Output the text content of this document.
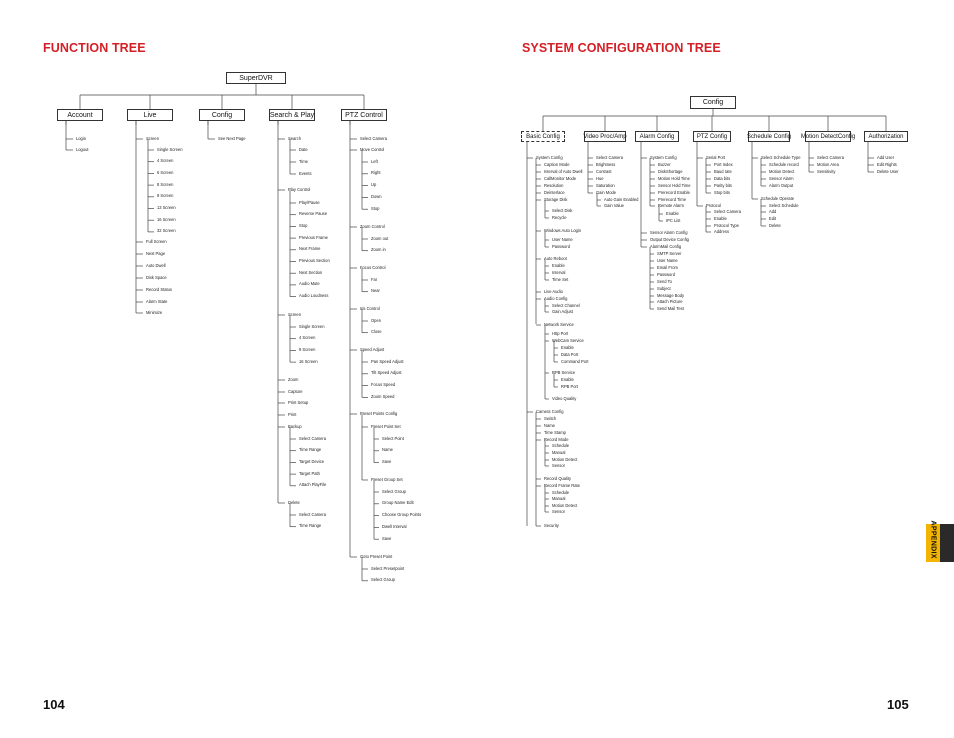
FUNCTION TREE	SYSTEM CONFIGURATION TREE
104	105
APPENDIX
SuperDVR
Account	Live	Config	Search & Play	PTZ Control
Login
Logout
Screen
Single Screen
4 Screen
6 Screen
8 Screen
9 Screen
13 Screen
16 Screen
32 Screen
Full Screen
Next Page
Auto Dwell
Disk Space
Record Status
Alarm State
Minimize
See Next Page	Search
Date
Time
Events
Play Control
Play/Pause
Reverse Pause
Stop
Previous Frame
Next Frame
Previous Section
Next Section
Audio Mute
Audio Loudness
Screen
Single Screen
4 Screen
9 Screen
16 Screen
Zoom
Capture
Print Setup
Print
Backup
Select Camera
Time Range
Target Device
Target Path
Attach PlayFile
Delete
Select Camera
Time Range
Select Camera
Move Control
Left
Right
Up
Down
Stop
Zoom Control
Zoom out
Zoom in
Focus Control
Far
Near
Iris Control
Open
Close
Speed Adjust
Pan Speed Adjust
Tilt Speed Adjust
Focus Speed
Zoom Speed
Preset Points Config
Preset Point Set
Select Point
Name
Save
Preset Group Set
Select Group
Group Name Edit
Choose Group Points
Dwell Interval
Save
Goto Preset Point
Select Presetpoint
Select Group
Config
Basic Config	Video Proc/Amp	Alarm Config	PTZ Config	Schedule Config Motion DetectConfig	Authorization
System Config
Caption Mode
Interval of Auto Dwell
CallMonitor Mode
Resolution
Deinterlace
Storage Disk
Select Disk
Recycle
Windows Auto Login
User Name
Password
Auto Reboot
Enable
Interval
Time Set
Live Audio
Audio Config
Select Channel
Gain Adjust
Network Service
Http Port
WebCam Service
Enable
Data Port
Command Port
RPB Service
Enable
RPB Port
Video Quality
Camera Config
Switch
Name
Time Stamp
Record Mode
Schedule
Manual
Motion Detect
Sensor
Record Quality
Record Frame Rate
Schedule
Manual
Motion Detect
Sensor
Security
Select Camera
Brightness
Contrast
Hue
Saturation
Gain Mode
Auto Gain Enabled
Gain Value
System Config
Buzzer
DiskShortage
Motion Hold Time
Sensor Hold Time
Prerecord Enable
Prerecord Time
Remote Alarm
Enable
IPC List
Sensor Alarm Config
Output Device Config
AlarmMail Config
SMTP Server
User Name
Email From
Password
Send To
Subject
Message Body
Attach Picture
Send Mail Test
Serial Port
Port Index
Baud rate
Data bits
Parity bits
Stop bits
Protocol
Select Camera
Enable
Protocol Type
Address
Select Schedule Type
Schedule record
Motion Detect
Sensor Alarm
Alarm Output
Schedule Operate
Select Schedule
Add
Edit
Delete
Select Camera
Motion Area
Sensitivity
Add User
Edit Rights
Delete User
